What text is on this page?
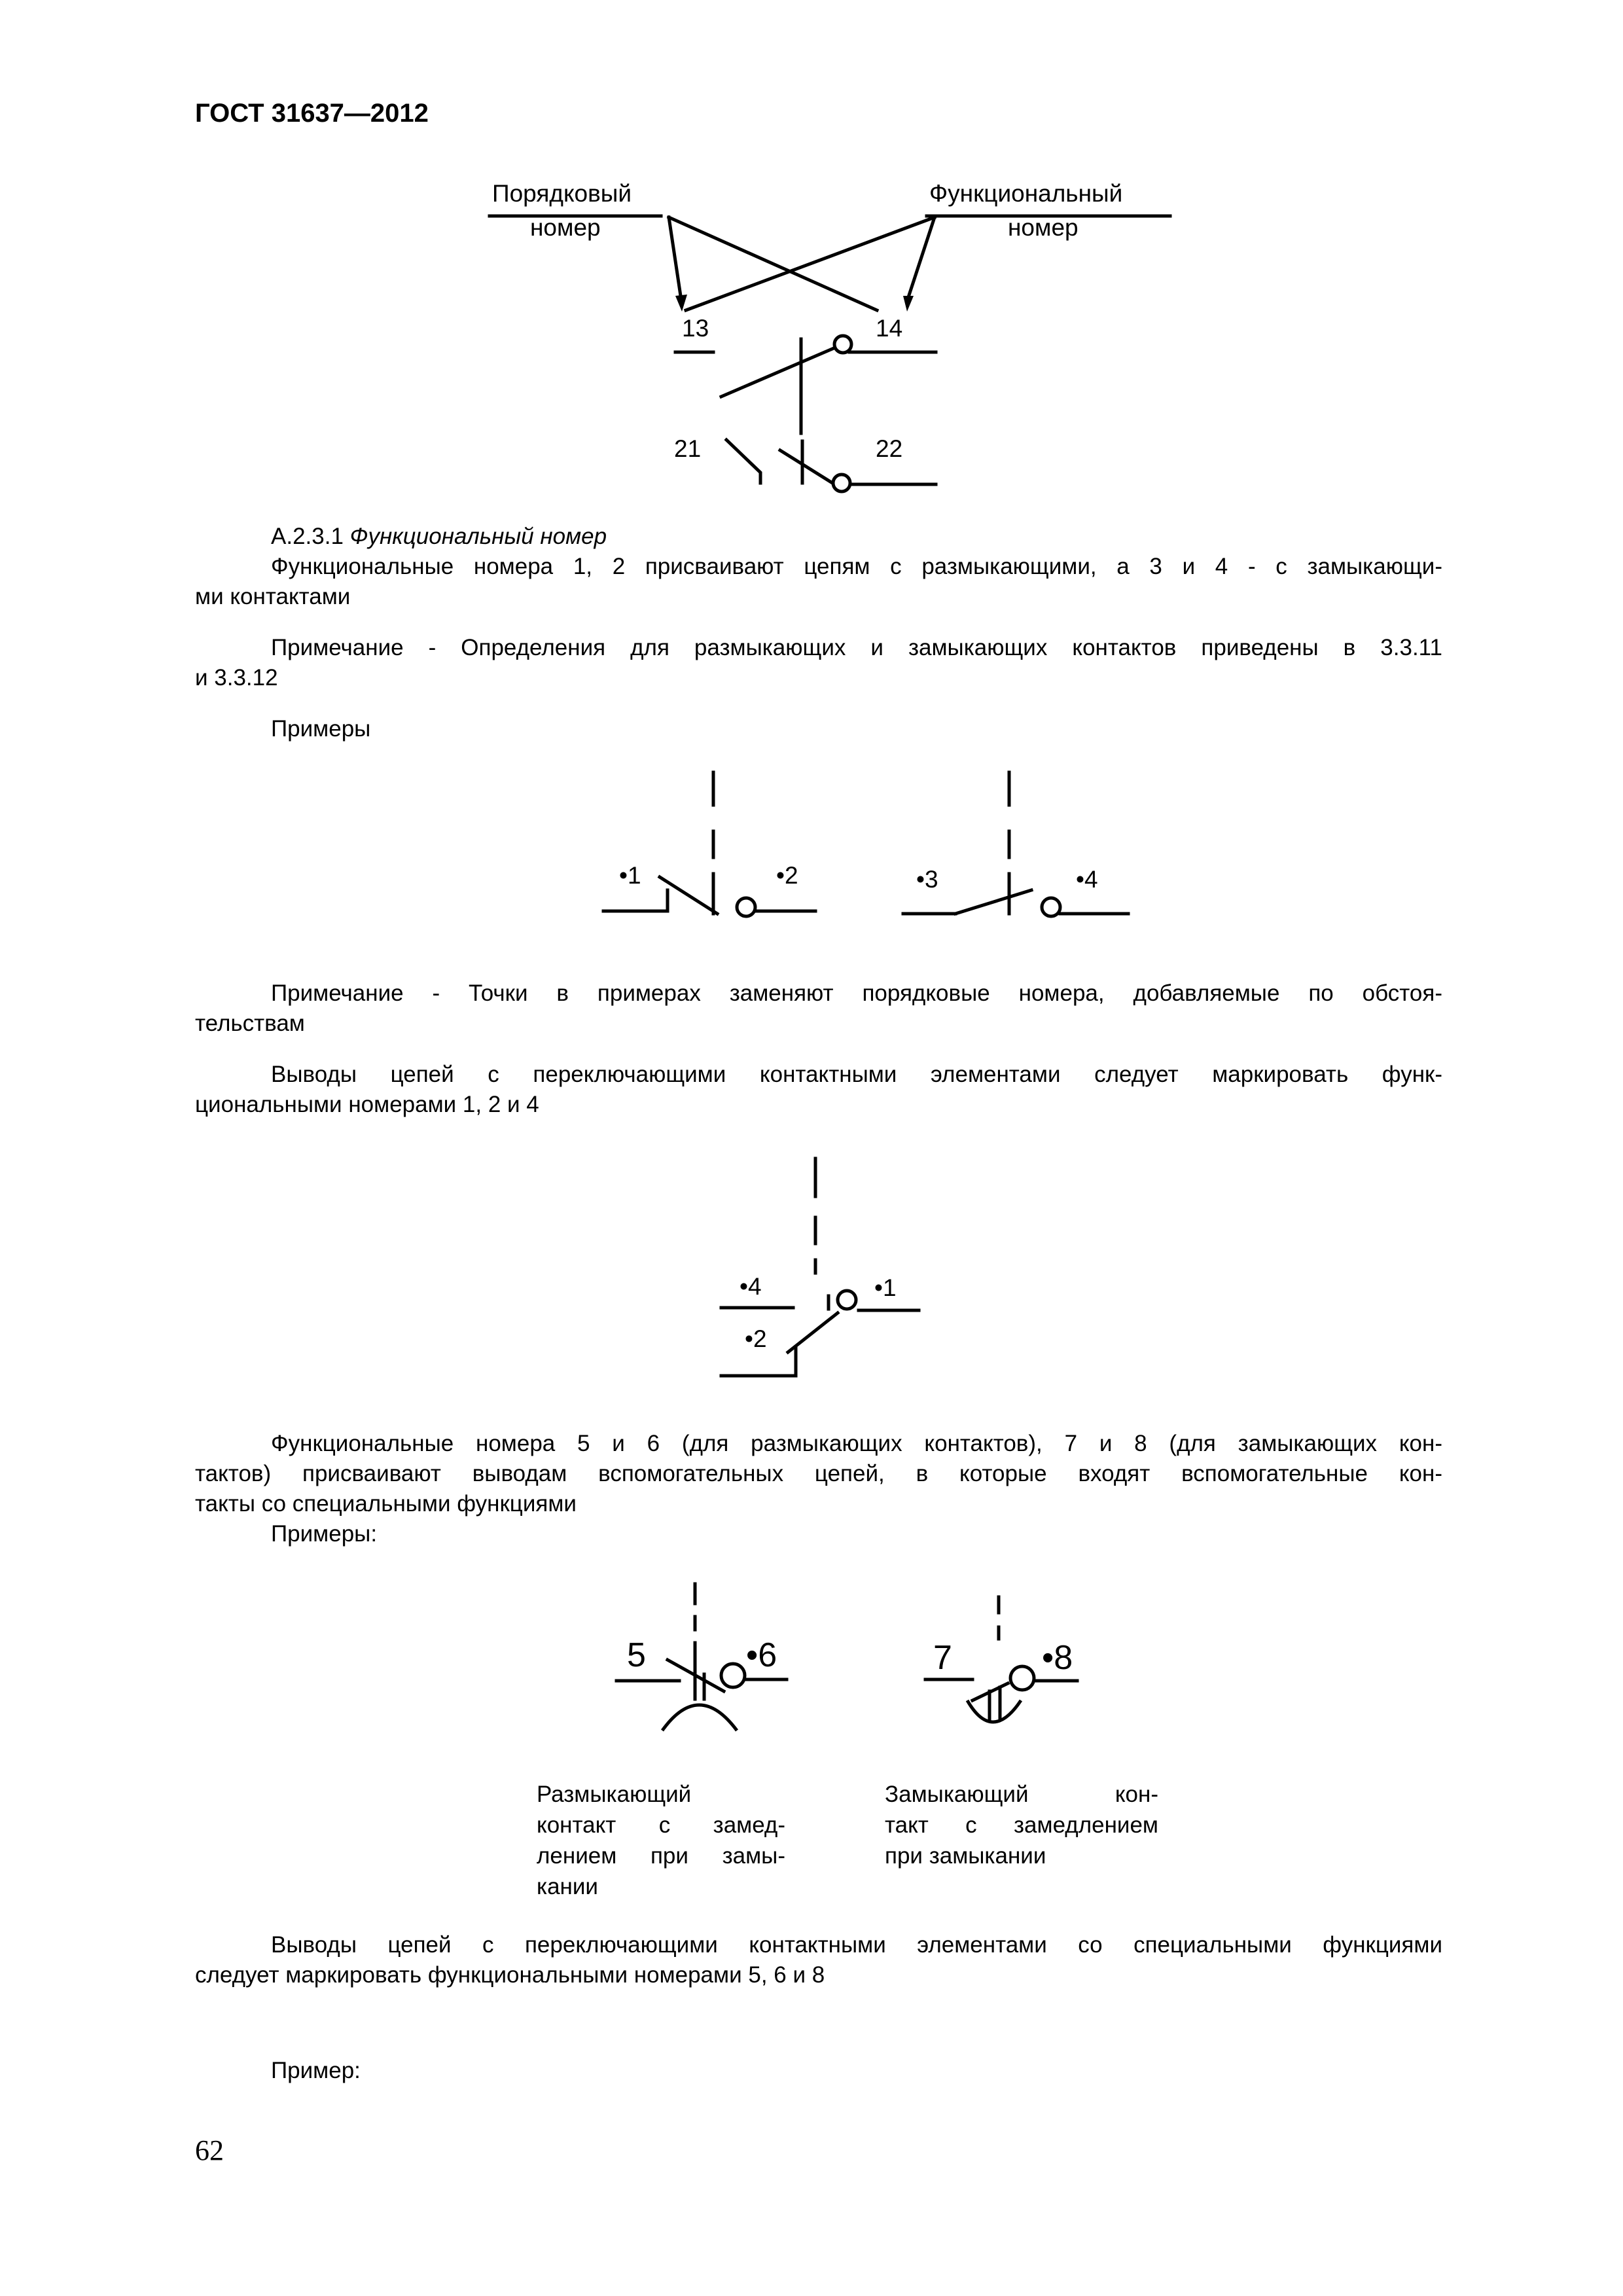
ГОСТ 31637—2012
Порядковый
номер
Функциональный
номер
13	14
21	22
А.2.3.1 Функциональный номер
Функциональные номера 1, 2 присваивают цепям с размыкающими, а 3 и 4 - с замыкающи-
ми контактами
Примечание - Определения для размыкающих и замыкающих контактов приведены в 3.3.11
и 3.3.12
Примеры
•1	•2	•3	•4
Примечание - Точки в примерах заменяют порядковые номера, добавляемые по обстоя-
тельствам
Выводы цепей с переключающими контактными элементами следует маркировать функ-
циональными номерами 1, 2 и 4
•4	•1
•2
Функциональные номера 5 и 6 (для размыкающих контактов), 7 и 8 (для замыкающих кон-
тактов) присваивают выводам вспомогательных цепей, в которые входят вспомогательные кон-
такты со специальными функциями
Примеры:
5	•6	7	•8
Размыкающий
контакт с замед-
лением при замы-
кании
Замыкающий кон-
такт с замедлением
при замыкании
Выводы цепей с переключающими контактными элементами со специальными функциями
следует маркировать функциональными номерами 5, 6 и 8
Пример:
62
